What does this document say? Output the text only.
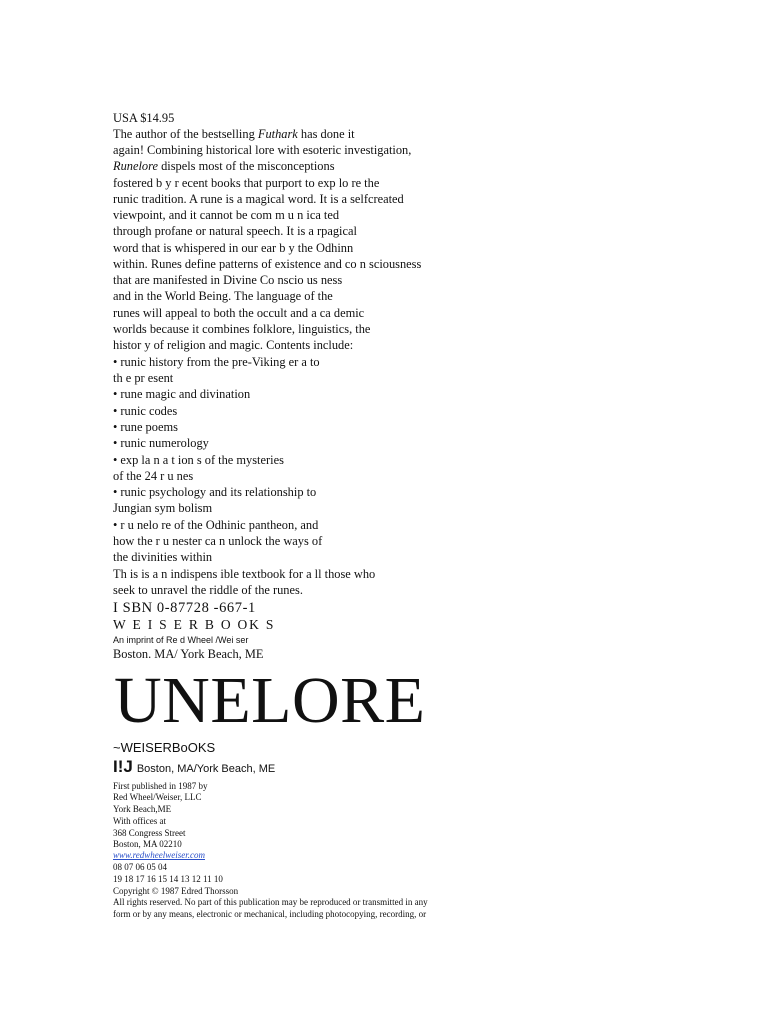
USA $14.95
The author of the bestselling Futhark has done it
again! Combining historical lore with esoteric investigation,
Runelore dispels most of the misconceptions
fostered b y r ecent books that purport to exp lo re the
runic tradition. A rune is a magical word. It is a selfcreated
viewpoint, and it cannot be com m u n ica ted
through profane or natural speech. It is a rpagical
word that is whispered in our ear b y the Odhinn
within. Runes define patterns of existence and co n sciousness
that are manifested in Divine Co nscio us ness
and in the World Being. The language of the
runes will appeal to both the occult and a ca demic
worlds because it combines folklore, linguistics, the
histor y of religion and magic. Contents include:
• runic history from the pre-Viking er a to
th e pr esent
• rune magic and divination
• runic codes
• rune poems
• runic numerology
• exp la n a t ion s of the mysteries
of the 24 r u nes
• runic psychology and its relationship to
Jungian sym bolism
• r u nelo re of the Odhinic pantheon, and
how the r u nester ca n unlock the ways of
the divinities within
Th is is a n indispens ible textbook for a ll those who
seek to unravel the riddle of the runes.
I SBN 0-87728 -667-1
W E I S E R B O OK S
An imprint of Re d Wheel /Wei ser
Boston. MA/ York Beach, ME
UNELORE
~WEISERBoOKS
I!J Boston, MA/York Beach, ME
First published in 1987 by
Red Wheel/Weiser, LLC
York Beach,ME
With offices at
368 Congress Street
Boston, MA 02210
www.redwheelweiser.com
08 07 06 05 04
19 18 17 16 15 14 13 12 11 10
Copyright © 1987 Edred Thorsson
All rights reserved. No part of this publication may be reproduced or transmitted in any
form or by any means, electronic or mechanical, including photocopying, recording, or
